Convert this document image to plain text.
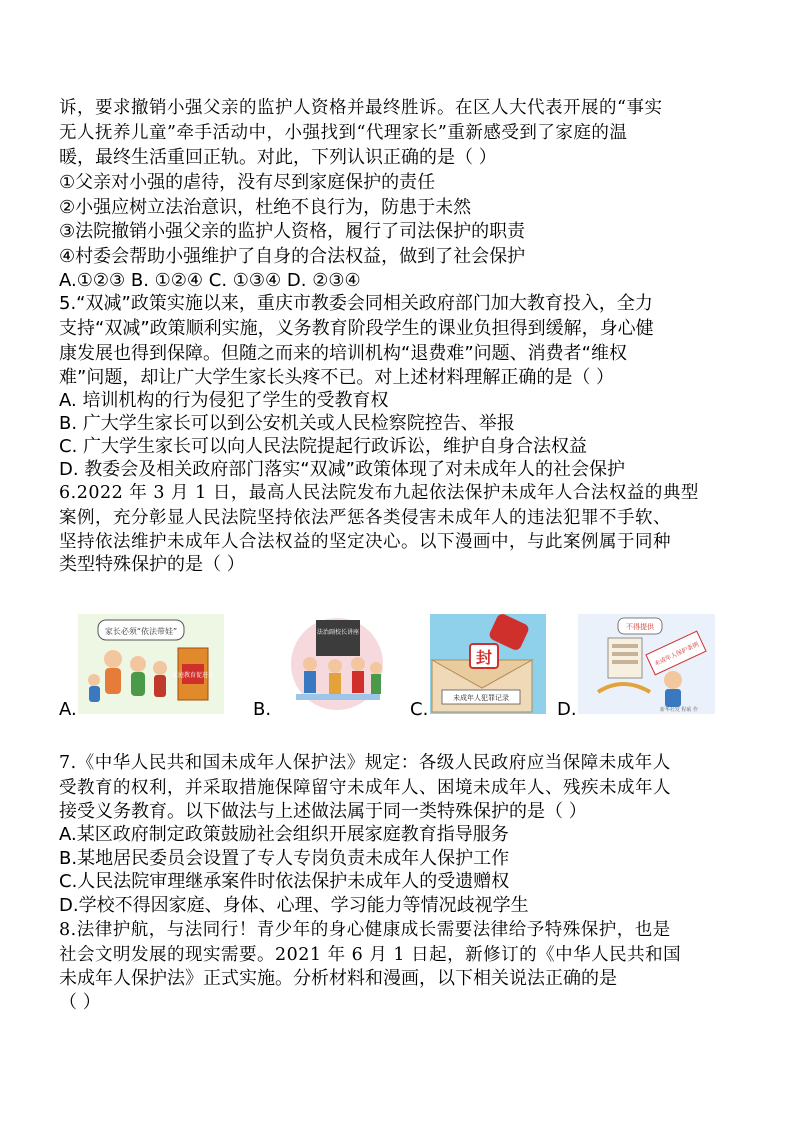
诉，要求撤销小强父亲的监护人资格并最终胜诉。在区人大代表开展的“事实
无人抚养儿童”牵手活动中，小强找到“代理家长”重新感受到了家庭的温
暖，最终生活重回正轨。对此，下列认识正确的是（ ）
①父亲对小强的虐待，没有尽到家庭保护的责任
②小强应树立法治意识，杜绝不良行为，防患于未然
③法院撤销小强父亲的监护人资格，履行了司法保护的职责
④村委会帮助小强维护了自身的合法权益，做到了社会保护
A.①②③ B. ①②④ C. ①③④ D. ②③④
5.“双减”政策实施以来，重庆市教委会同相关政府部门加大教育投入，全力
支持“双减”政策顺利实施，义务教育阶段学生的课业负担得到缓解，身心健
康发展也得到保障。但随之而来的培训机构“退费难”问题、消费者“维权
难”问题，却让广大学生家长头疼不已。对上述材料理解正确的是（ ）
A. 培训机构的行为侵犯了学生的受教育权
B. 广大学生家长可以到公安机关或人民检察院控告、举报
C. 广大学生家长可以向人民法院提起行政诉讼，维护自身合法权益
D. 教委会及相关政府部门落实“双减”政策体现了对未成年人的社会保护
6.2022 年 3 月 1 日，最高人民法院发布九起依法保护未成年人合法权益的典型
案例，充分彰显人民法院坚持依法严惩各类侵害未成年人的违法犯罪不手软、
坚持依法维护未成年人合法权益的坚定决心。以下漫画中，与此案例属于同种
类型特殊保护的是（ ）
A.
家长必须“依法带娃”
家庭教育促进法
B.
法治副校长讲座
C.
封
未成年人犯罪记录
D.
不得提供
未成年人保护条例
新华社发 程硕 作
7.《中华人民共和国未成年人保护法》规定：各级人民政府应当保障未成年人
受教育的权利，并采取措施保障留守未成年人、困境未成年人、残疾未成年人
接受义务教育。以下做法与上述做法属于同一类特殊保护的是（ ）
A.某区政府制定政策鼓励社会组织开展家庭教育指导服务
B.某地居民委员会设置了专人专岗负责未成年人保护工作
C.人民法院审理继承案件时依法保护未成年人的受遗赠权
D.学校不得因家庭、身体、心理、学习能力等情况歧视学生
8.法律护航，与法同行！青少年的身心健康成长需要法律给予特殊保护，也是
社会文明发展的现实需要。2021 年 6 月 1 日起，新修订的《中华人民共和国
未成年人保护法》正式实施。分析材料和漫画，以下相关说法正确的是
（ ）
